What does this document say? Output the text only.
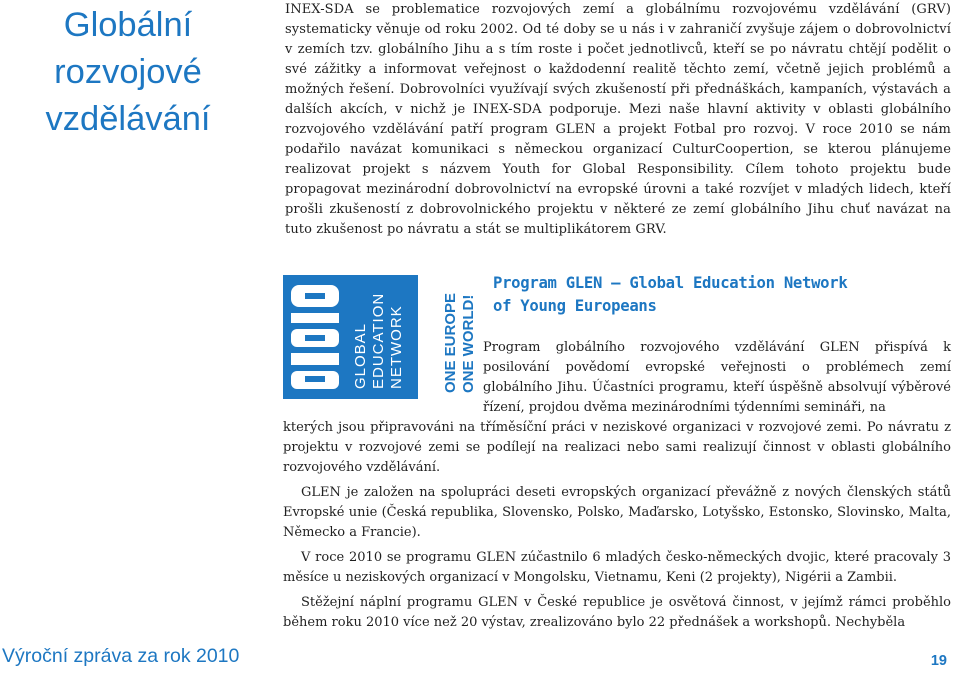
Globální
rozvojové
vzdělávání

INEX-SDA se problematice rozvojových zemí a globálnímu rozvojovému vzdělávání (GRV) systematicky věnuje od roku 2002. Od té doby se u nás i v zahraničí zvyšuje zájem o dobrovolnictví v zemích tzv. globálního Jihu a s tím roste i počet jednotlivců, kteří se po návratu chtějí podělit o své zážitky a informovat veřejnost o každodenní realitě těchto zemí, včetně jejich problémů a možných řešení. Dobrovolníci využívají svých zkušeností při přednáškách, kampaních, výstavách a dalších akcích, v nichž je INEX-SDA podporuje. Mezi naše hlavní aktivity v oblasti globálního rozvojového vzdělávání patří program GLEN a projekt Fotbal pro rozvoj. V roce 2010 se nám podařilo navázat komunikaci s německou organizací CulturCoopertion, se kterou plánujeme realizovat projekt s názvem Youth for Global Responsibility. Cílem tohoto projektu bude propagovat mezinárodní dobrovolnictví na evropské úrovni a také rozvíjet v mladých lidech, kteří prošli zkušeností z dobrovolnického projektu v některé ze zemí globálního Jihu chuť navázat na tuto zkušenost po návratu a stát se multiplikátorem GRV.

GLOBAL EDUCATION NETWORK ONE EUROPE ONE WORLD!
Program GLEN – Global Education Network
of Young Europeans

Program globálního rozvojového vzdělávání GLEN přispívá k posilování povědomí evropské veřejnosti o problémech zemí globálního Jihu. Účastníci programu, kteří úspěšně absolvují výběrové řízení, projdou dvěma mezinárodními týdenními semináři, na

kterých jsou připravováni na tříměsíční práci v neziskové organizaci v rozvojové zemi. Po návratu z projektu v rozvojové zemi se podílejí na realizaci nebo sami realizují činnost v oblasti globálního rozvojového vzdělávání.

GLEN je založen na spolupráci deseti evropských organizací převážně z nových členských států Evropské unie (Česká republika, Slovensko, Polsko, Maďarsko, Lotyšsko, Estonsko, Slovinsko, Malta, Německo a Francie).

V roce 2010 se programu GLEN zúčastnilo 6 mladých česko-německých dvojic, které pracovaly 3 měsíce u neziskových organizací v Mongolsku, Vietnamu, Keni (2 projekty), Nigérii a Zambii.

Stěžejní náplní programu GLEN v České republice je osvětová činnost, v jejímž rámci proběhlo během roku 2010 více než 20 výstav, zrealizováno bylo 22 přednášek a workshopů. Nechyběla

Výroční zpráva za rok 2010	19
